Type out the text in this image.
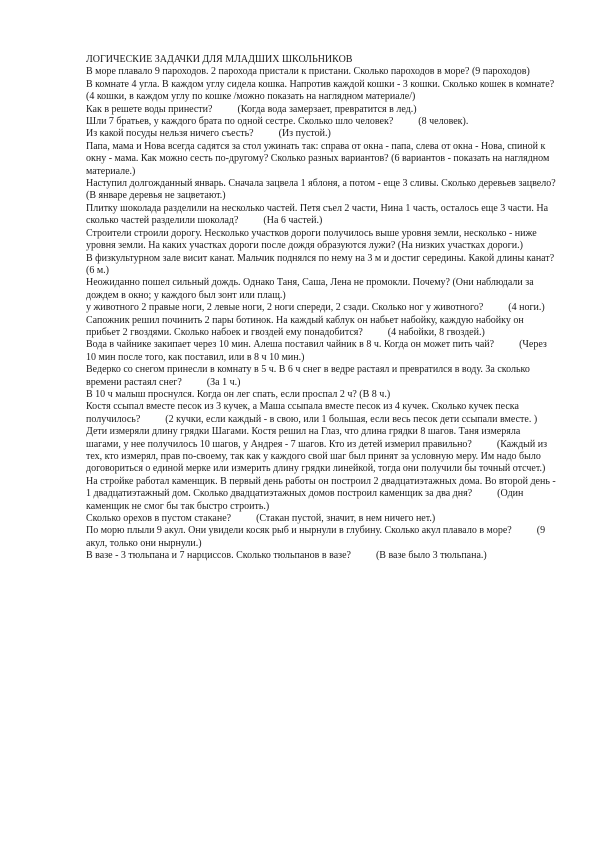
ЛОГИЧЕСКИЕ ЗАДАЧКИ ДЛЯ МЛАДШИХ ШКОЛЬНИКОВ

В море плавало 9 пароходов. 2 парохода пристали к пристани. Сколько пароходов в море? (9 пароходов)

В комнате 4 угла. В каждом углу сидела кошка. Напротив каждой кошки - 3 кошки. Сколько кошек в комнате?          (4 кошки, в каждом углу по кошке /можно показать на наглядном материале/)

Как в решете воды принести?          (Когда вода замерзает, превратится в лед.)

Шли 7 братьев, у каждого брата по одной сестре. Сколько шло человек?          (8 человек).

Из какой посуды нельзя ничего съесть?          (Из пустой.)

Папа, мама и Нова всегда садятся за стол ужинать так: справа от окна - папа, слева от окна - Нова, спиной к окну - мама. Как можно сесть по-другому? Сколько разных вариантов? (6 вариантов - показать на наглядном материале.)

Наступил долгожданный январь. Сначала зацвела 1 яблоня, а потом - еще 3 сливы. Сколько деревьев зацвело?          (В январе деревья не зацветают.)

Плитку шоколада разделили на несколько частей. Петя съел 2 части, Нина 1 часть, осталось еще 3 части. На сколько частей разделили шоколад?          (На 6 частей.)

Строители строили дорогу. Несколько участков дороги получилось выше уровня земли, несколько - ниже уровня земли. На каких участках дороги после дождя образуются лужи? (На низких участках дороги.)

В физкультурном зале висит канат. Мальчик поднялся по нему на 3 м и достиг середины. Какой длины канат?          (6 м.)

Неожиданно пошел сильный дождь. Однако Таня, Саша, Лена не промокли. Почему? (Они наблюдали за дождем в окно; у каждого был зонт или плащ.)

у животного 2 правые ноги, 2 левые ноги, 2 ноги спереди, 2 сзади. Сколько ног у животного?          (4 ноги.)

Сапожник решил починить 2 пары ботинок. На каждый каблук он набьет набойку, каждую набойку он прибьет 2 гвоздями. Сколько набоек и гвоздей ему понадобится?          (4 набойки, 8 гвоздей.)

Вода в чайнике закипает через 10 мин. Алеша поставил чайник в 8 ч. Когда он может пить чай?          (Через 10 мин после того, как поставил, или в 8 ч 10 мин.)

Ведерко со снегом принесли в комнату в 5 ч. В 6 ч снег в ведре растаял и превратился в воду. За сколько времени растаял снег?          (За 1 ч.)

В 10 ч малыш проснулся. Когда он лег спать, если проспал 2 ч? (В 8 ч.)

Костя ссыпал вместе песок из 3 кучек, а Маша ссыпала вместе песок из 4 кучек. Сколько кучек песка получилось?          (2 кучки, если каждый - в свою, или 1 большая, если весь песок дети ссыпали вместе. )

Дети измеряли длину грядки Шагами. Костя решил на Глаз, что длина грядки 8 шагов. Таня измеряла шагами, у нее получилось 10 шагов, у Андрея - 7 шагов. Кто из детей измерил правильно?          (Каждый из тех, кто измерял, прав по-своему, так как у каждого свой шаг был принят за условную меру. Им надо было договориться о единой мерке или измерить длину грядки линейкой, тогда они получили бы точный отсчет.)

На стройке работал каменщик. В первый день работы он построил 2 двадцатиэтажных дома. Во второй день - 1 двадцатиэтажный дом. Сколько двадцатиэтажных домов построил каменщик за два дня?          (Один каменщик не смог бы так быстро строить.)

Сколько орехов в пустом стакане?          (Стакан пустой, значит, в нем ничего нет.)

По морю плыли 9 акул. Они увидели косяк рыб и нырнули в глубину. Сколько акул плавало в море?          (9 акул, только они нырнули.)

В вазе - 3 тюльпана и 7 нарциссов. Сколько тюльпанов в вазе?          (В вазе было 3 тюльпана.)
